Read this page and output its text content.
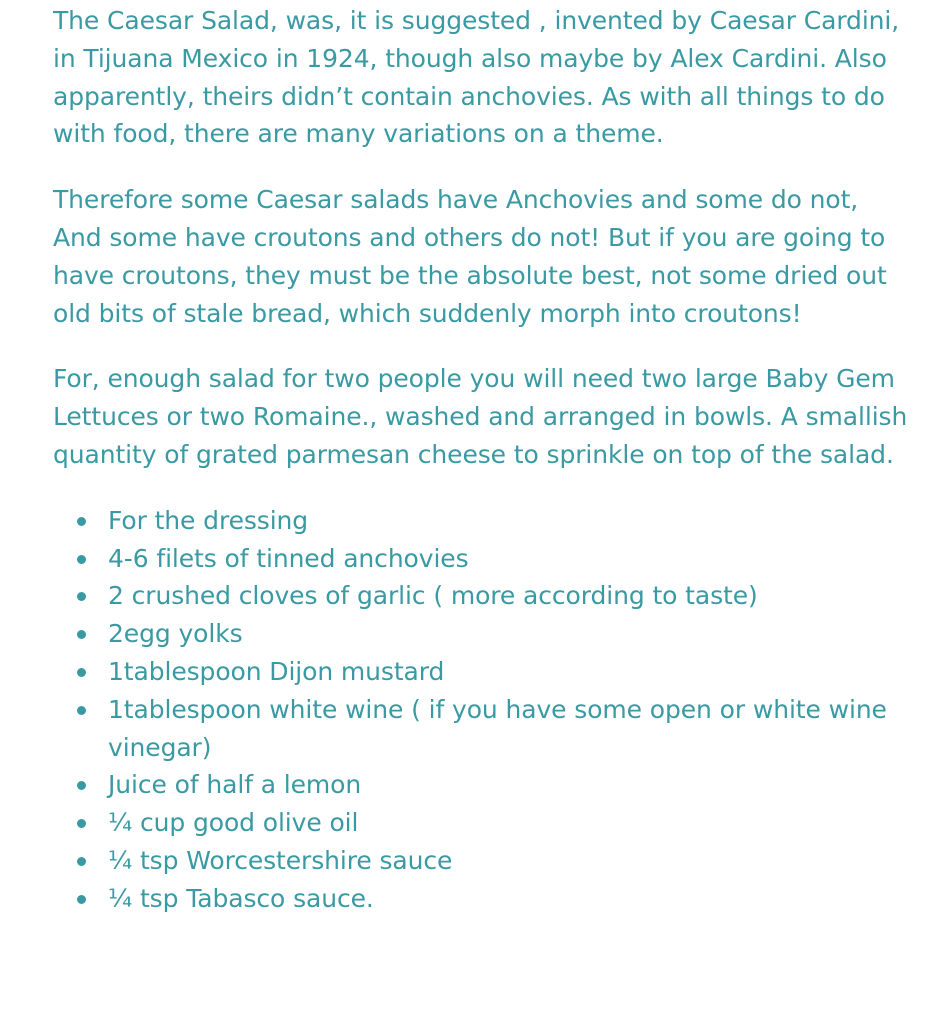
The Caesar Salad, was, it is suggested , invented by Caesar Cardini, in Tijuana Mexico in 1924, though also maybe by Alex Cardini. Also apparently, theirs didn’t contain anchovies. As with all things to do with food, there are many variations on a theme.

Therefore some Caesar salads have Anchovies and some do not, And some have croutons and others do not! But if you are going to have croutons, they must be the absolute best, not some dried out old bits of stale bread, which suddenly morph into croutons!

For, enough salad for two people you will need two large Baby Gem Lettuces or two Romaine., washed and arranged in bowls. A smallish quantity of grated parmesan cheese to sprinkle on top of the salad.

For the dressing
4-6 filets of tinned anchovies
2 crushed cloves of garlic ( more according to taste)
2egg yolks
1tablespoon Dijon mustard
1tablespoon white wine ( if you have some open or white wine vinegar)
Juice of half a lemon
¼ cup good olive oil
¼ tsp Worcestershire sauce
¼ tsp Tabasco sauce.
